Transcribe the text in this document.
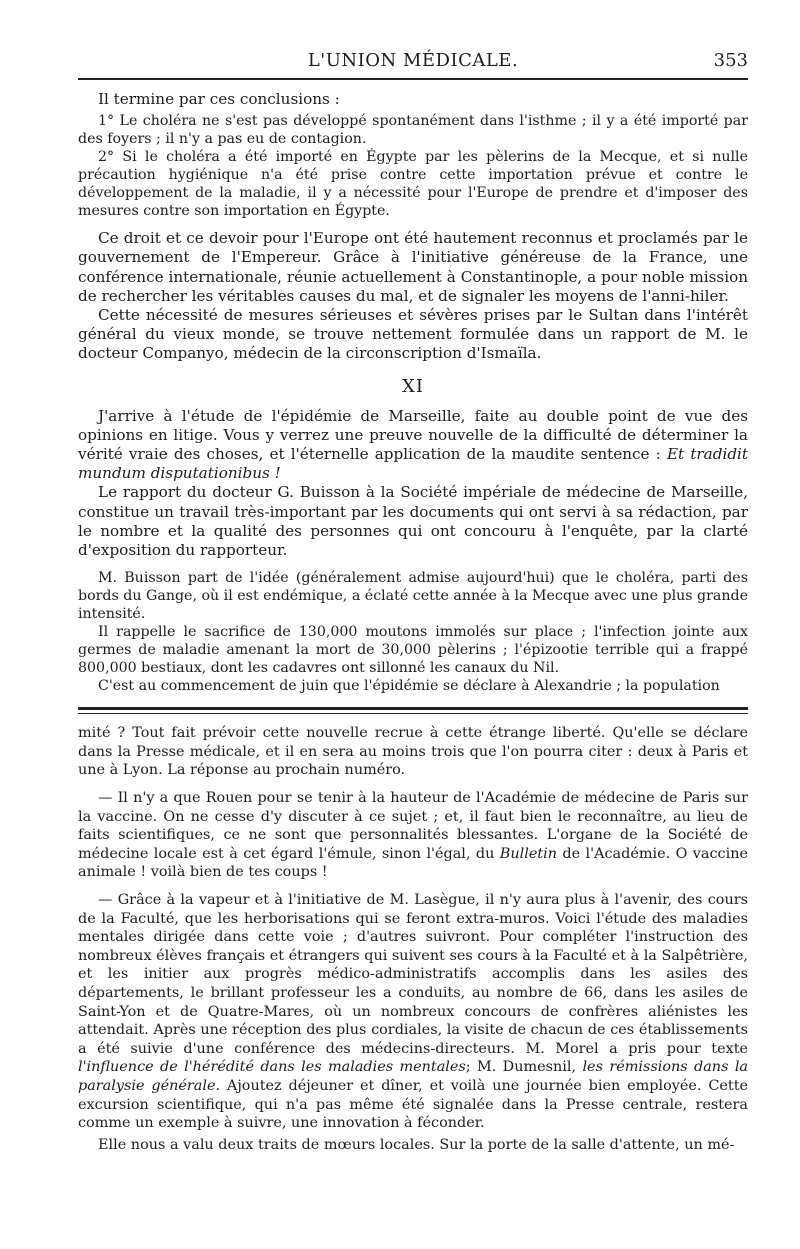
L'UNION MÉDICALE.	353

Il termine par ces conclusions :

1° Le choléra ne s'est pas développé spontanément dans l'isthme ; il y a été importé par des foyers ; il n'y a pas eu de contagion.

2° Si le choléra a été importé en Égypte par les pèlerins de la Mecque, et si nulle précaution hygiénique n'a été prise contre cette importation prévue et contre le développement de la maladie, il y a nécessité pour l'Europe de prendre et d'imposer des mesures contre son importation en Égypte.

Ce droit et ce devoir pour l'Europe ont été hautement reconnus et proclamés par le gouvernement de l'Empereur. Grâce à l'initiative généreuse de la France, une conférence internationale, réunie actuellement à Constantinople, a pour noble mission de rechercher les véritables causes du mal, et de signaler les moyens de l'anni-hiler.

Cette nécessité de mesures sérieuses et sévères prises par le Sultan dans l'intérêt général du vieux monde, se trouve nettement formulée dans un rapport de M. le docteur Companyo, médecin de la circonscription d'Ismaïla.

XI

J'arrive à l'étude de l'épidémie de Marseille, faite au double point de vue des opinions en litige. Vous y verrez une preuve nouvelle de la difficulté de déterminer la vérité vraie des choses, et l'éternelle application de la maudite sentence : Et tradidit mundum disputationibus !

Le rapport du docteur G. Buisson à la Société impériale de médecine de Marseille, constitue un travail très-important par les documents qui ont servi à sa rédaction, par le nombre et la qualité des personnes qui ont concouru à l'enquête, par la clarté d'exposition du rapporteur.

M. Buisson part de l'idée (généralement admise aujourd'hui) que le choléra, parti des bords du Gange, où il est endémique, a éclaté cette année à la Mecque avec une plus grande intensité.

Il rappelle le sacrifice de 130,000 moutons immolés sur place ; l'infection jointe aux germes de maladie amenant la mort de 30,000 pèlerins ; l'épizootie terrible qui a frappé 800,000 bestiaux, dont les cadavres ont sillonné les canaux du Nil.

C'est au commencement de juin que l'épidémie se déclare à Alexandrie ; la population

mité ? Tout fait prévoir cette nouvelle recrue à cette étrange liberté. Qu'elle se déclare dans la Presse médicale, et il en sera au moins trois que l'on pourra citer : deux à Paris et une à Lyon. La réponse au prochain numéro.

— Il n'y a que Rouen pour se tenir à la hauteur de l'Académie de médecine de Paris sur la vaccine. On ne cesse d'y discuter à ce sujet ; et, il faut bien le reconnaître, au lieu de faits scientifiques, ce ne sont que personnalités blessantes. L'organe de la Société de médecine locale est à cet égard l'émule, sinon l'égal, du Bulletin de l'Académie. O vaccine animale ! voilà bien de tes coups !

— Grâce à la vapeur et à l'initiative de M. Lasègue, il n'y aura plus à l'avenir, des cours de la Faculté, que les herborisations qui se feront extra-muros. Voici l'étude des maladies mentales dirigée dans cette voie ; d'autres suivront. Pour compléter l'instruction des nombreux élèves français et étrangers qui suivent ses cours à la Faculté et à la Salpêtrière, et les initier aux progrès médico-administratifs accomplis dans les asiles des départements, le brillant professeur les a conduits, au nombre de 66, dans les asiles de Saint-Yon et de Quatre-Mares, où un nombreux concours de confrères aliénistes les attendait. Après une réception des plus cordiales, la visite de chacun de ces établissements a été suivie d'une conférence des médecins-directeurs. M. Morel a pris pour texte l'influence de l'hérédité dans les maladies mentales; M. Dumesnil, les rémissions dans la paralysie générale. Ajoutez déjeuner et dîner, et voilà une journée bien employée. Cette excursion scientifique, qui n'a pas même été signalée dans la Presse centrale, restera comme un exemple à suivre, une innovation à féconder.

Elle nous a valu deux traits de mœurs locales. Sur la porte de la salle d'attente, un mé-
